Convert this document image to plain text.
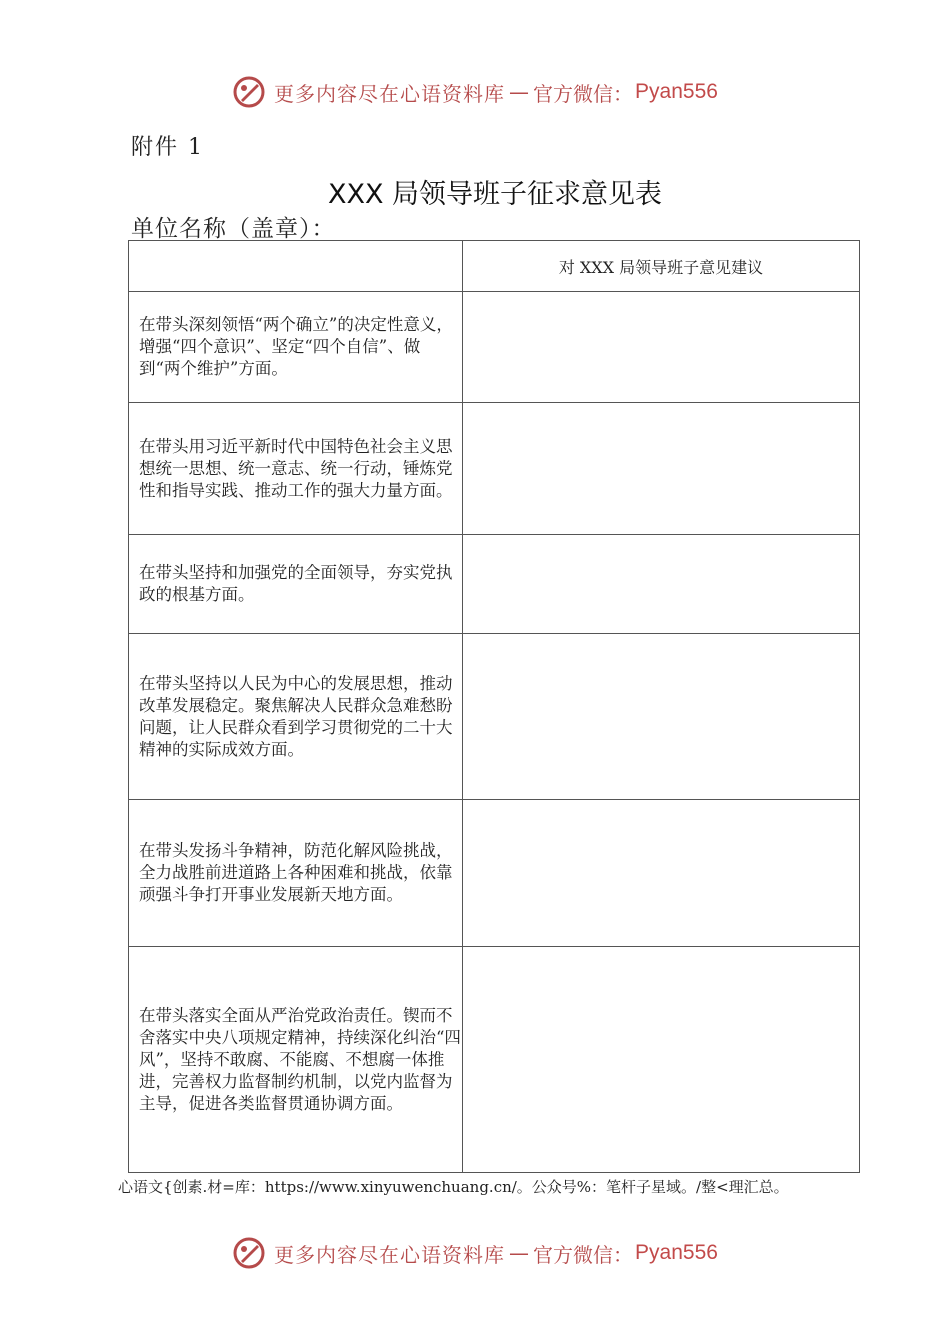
更多内容尽在心语资料库 — 官方微信： Pyan556
附件 1
XXX 局领导班子征求意见表
单位名称（盖章）：
	对 XXX 局领导班子意见建议

在带头深刻领悟“两个确立”的决定性意义，增强“四个意识”、坚定“四个自信”、做到“两个维护”方面。	

在带头用习近平新时代中国特色社会主义思想统一思想、统一意志、统一行动，锤炼党性和指导实践、推动工作的强大力量方面。	

在带头坚持和加强党的全面领导，夯实党执政的根基方面。	

在带头坚持以人民为中心的发展思想，推动改革发展稳定。聚焦解决人民群众急难愁盼问题，让人民群众看到学习贯彻党的二十大精神的实际成效方面。	

在带头发扬斗争精神，防范化解风险挑战，全力战胜前进道路上各种困难和挑战，依靠顽强斗争打开事业发展新天地方面。	

在带头落实全面从严治党政治责任。锲而不舍落实中央八项规定精神，持续深化纠治“四风”，坚持不敢腐、不能腐、不想腐一体推进，完善权力监督制约机制，以党内监督为主导，促进各类监督贯通协调方面。	

心语文{创素.材=库：https://www.xinyuwenchuang.cn/。公众号%：笔杆子星域。/整<理汇总。
更多内容尽在心语资料库 — 官方微信： Pyan556
